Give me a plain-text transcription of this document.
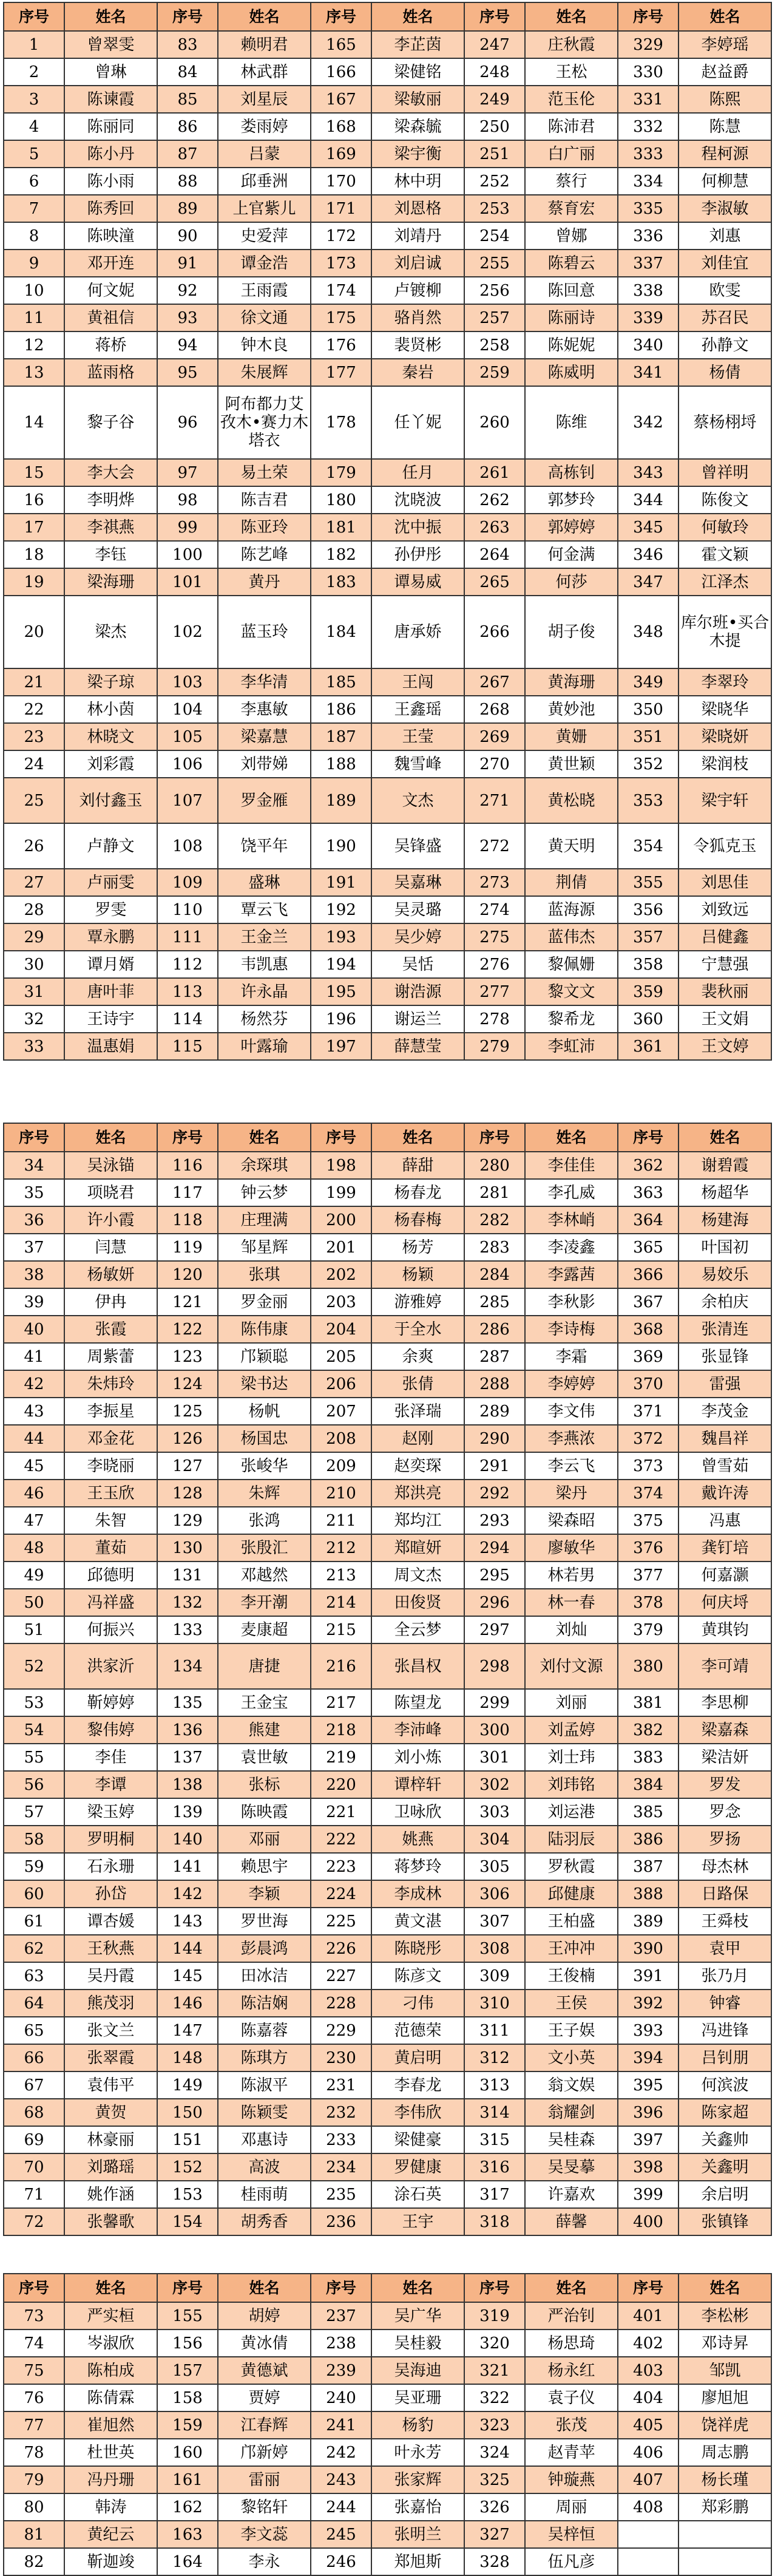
序号	姓名	序号	姓名	序号	姓名	序号	姓名	序号	姓名
1	曾翠雯	83	赖明君	165	李芷茵	247	庄秋霞	329	李婷瑶
2	曾琳	84	林武群	166	梁健铭	248	王松	330	赵益爵
3	陈谏霞	85	刘星辰	167	梁敏丽	249	范玉伦	331	陈熙
4	陈丽同	86	娄雨婷	168	梁森毓	250	陈沛君	332	陈慧
5	陈小丹	87	吕蒙	169	梁宇衡	251	白广丽	333	程柯源
6	陈小雨	88	邱垂洲	170	林中玥	252	蔡行	334	何柳慧
7	陈秀回	89	上官紫儿	171	刘恩格	253	蔡育宏	335	李淑敏
8	陈映潼	90	史爱萍	172	刘靖丹	254	曾娜	336	刘惠
9	邓开连	91	谭金浩	173	刘启诚	255	陈碧云	337	刘佳宜
10	何文妮	92	王雨霞	174	卢镀柳	256	陈回意	338	欧雯
11	黄祖信	93	徐文通	175	骆肖然	257	陈丽诗	339	苏召民
12	蒋桥	94	钟木良	176	裴贤彬	258	陈妮妮	340	孙静文
13	蓝雨格	95	朱展辉	177	秦岩	259	陈威明	341	杨倩
14	黎子谷	96	阿布都力艾孜木•赛力木塔衣	178	任丫妮	260	陈维	342	蔡杨栩埒
15	李大会	97	易土荣	179	任月	261	高栋钊	343	曾祥明
16	李明烨	98	陈吉君	180	沈晓波	262	郭梦玲	344	陈俊文
17	李祺燕	99	陈亚玲	181	沈中振	263	郭婷婷	345	何敏玲
18	李钰	100	陈艺峰	182	孙伊彤	264	何金满	346	霍文颖
19	梁海珊	101	黄丹	183	谭易威	265	何莎	347	江泽杰
20	梁杰	102	蓝玉玲	184	唐承娇	266	胡子俊	348	库尔班•买合木提
21	梁子琼	103	李华清	185	王闯	267	黄海珊	349	李翠玲
22	林小茵	104	李惠敏	186	王鑫瑶	268	黄妙池	350	梁晓华
23	林晓文	105	梁嘉慧	187	王莹	269	黄姗	351	梁晓妍
24	刘彩霞	106	刘带娣	188	魏雪峰	270	黄世颖	352	梁润枝
25	刘付鑫玉	107	罗金雁	189	文杰	271	黄松晓	353	梁宇轩
26	卢静文	108	饶平年	190	吴锋盛	272	黄天明	354	令狐克玉
27	卢丽雯	109	盛琳	191	吴嘉琳	273	荆倩	355	刘思佳
28	罗雯	110	覃云飞	192	吴灵璐	274	蓝海源	356	刘致远
29	覃永鹏	111	王金兰	193	吴少婷	275	蓝伟杰	357	吕健鑫
30	谭月婿	112	韦凯惠	194	吴恬	276	黎佩姗	358	宁慧强
31	唐叶菲	113	许永晶	195	谢浩源	277	黎文文	359	裴秋丽
32	王诗宇	114	杨然芬	196	谢运兰	278	黎希龙	360	王文娟
33	温惠娟	115	叶露瑜	197	薛慧莹	279	李虹沛	361	王文婷
序号	姓名	序号	姓名	序号	姓名	序号	姓名	序号	姓名
34	吴泳锚	116	余琛琪	198	薛甜	280	李佳佳	362	谢碧霞
35	项晓君	117	钟云梦	199	杨春龙	281	李孔威	363	杨超华
36	许小霞	118	庄理满	200	杨春梅	282	李林峭	364	杨建海
37	闫慧	119	邹星辉	201	杨芳	283	李凌鑫	365	叶国初
38	杨敏妍	120	张琪	202	杨颖	284	李露茜	366	易姣乐
39	伊冉	121	罗金丽	203	游雅婷	285	李秋影	367	余柏庆
40	张霞	122	陈伟康	204	于全水	286	李诗梅	368	张清连
41	周紫蕾	123	邝颖聪	205	余爽	287	李霜	369	张显锋
42	朱炜玲	124	梁书达	206	张倩	288	李婷婷	370	雷强
43	李振星	125	杨帆	207	张泽瑞	289	李文伟	371	李茂金
44	邓金花	126	杨国忠	208	赵刚	290	李燕浓	372	魏昌祥
45	李晓丽	127	张峻华	209	赵奕琛	291	李云飞	373	曾雪茹
46	王玉欣	128	朱辉	210	郑洪亮	292	梁丹	374	戴许涛
47	朱智	129	张鸿	211	郑均江	293	梁森昭	375	冯惠
48	董茹	130	张殷汇	212	郑暄妍	294	廖敏华	376	龚钉培
49	邱德明	131	邓越然	213	周文杰	295	林若男	377	何嘉灏
50	冯祥盛	132	李开潮	214	田俊贤	296	林一春	378	何庆埒
51	何振兴	133	麦康超	215	全云梦	297	刘灿	379	黄琪钧
52	洪家沂	134	唐捷	216	张昌权	298	刘付文源	380	李可靖
53	靳婷婷	135	王金宝	217	陈望龙	299	刘丽	381	李思柳
54	黎伟婷	136	熊建	218	李沛峰	300	刘孟婷	382	梁嘉森
55	李佳	137	袁世敏	219	刘小炼	301	刘士玮	383	梁洁妍
56	李谭	138	张标	220	谭梓轩	302	刘玮铭	384	罗发
57	梁玉婷	139	陈映霞	221	卫咏欣	303	刘运港	385	罗念
58	罗明桐	140	邓丽	222	姚燕	304	陆羽辰	386	罗扬
59	石永珊	141	赖思宇	223	蒋梦玲	305	罗秋霞	387	母杰林
60	孙岱	142	李颖	224	李成林	306	邱健康	388	日路保
61	谭杏媛	143	罗世海	225	黄文湛	307	王柏盛	389	王舜枝
62	王秋燕	144	彭晨鸿	226	陈晓彤	308	王冲冲	390	袁甲
63	吴丹霞	145	田冰洁	227	陈彦文	309	王俊楠	391	张乃月
64	熊茂羽	146	陈洁娴	228	刁伟	310	王侯	392	钟睿
65	张文兰	147	陈嘉蓉	229	范德荣	311	王子娱	393	冯进锋
66	张翠霞	148	陈琪方	230	黄启明	312	文小英	394	吕钊朋
67	袁伟平	149	陈淑平	231	李春龙	313	翁文娱	395	何滨波
68	黄贺	150	陈颖雯	232	李伟欣	314	翁耀剑	396	陈家超
69	林豪丽	151	邓惠诗	233	梁健豪	315	吴桂森	397	关鑫帅
70	刘璐瑶	152	高波	234	罗健康	316	吴旻摹	398	关鑫明
71	姚作涵	153	桂雨萌	235	涂石英	317	许嘉欢	399	余启明
72	张馨歌	154	胡秀香	236	王宇	318	薛馨	400	张镇锋
序号	姓名	序号	姓名	序号	姓名	序号	姓名	序号	姓名
73	严实桓	155	胡婷	237	吴广华	319	严治钊	401	李松彬
74	岑淑欣	156	黄冰倩	238	吴桂毅	320	杨思琦	402	邓诗昇
75	陈柏成	157	黄德斌	239	吴海迪	321	杨永红	403	邹凯
76	陈倩霖	158	贾婷	240	吴亚珊	322	袁子仪	404	廖旭旭
77	崔旭然	159	江春辉	241	杨豹	323	张茂	405	饶祥虎
78	杜世英	160	邝新婷	242	叶永芳	324	赵青苹	406	周志鹏
79	冯丹珊	161	雷丽	243	张家辉	325	钟璇燕	407	杨长瑾
80	韩涛	162	黎铭轩	244	张嘉怡	326	周丽	408	郑彩鹏
81	黄纪云	163	李文蕊	245	张明兰	327	吴梓恒		
82	靳迦竣	164	李永	246	郑旭斯	328	伍凡彦		
